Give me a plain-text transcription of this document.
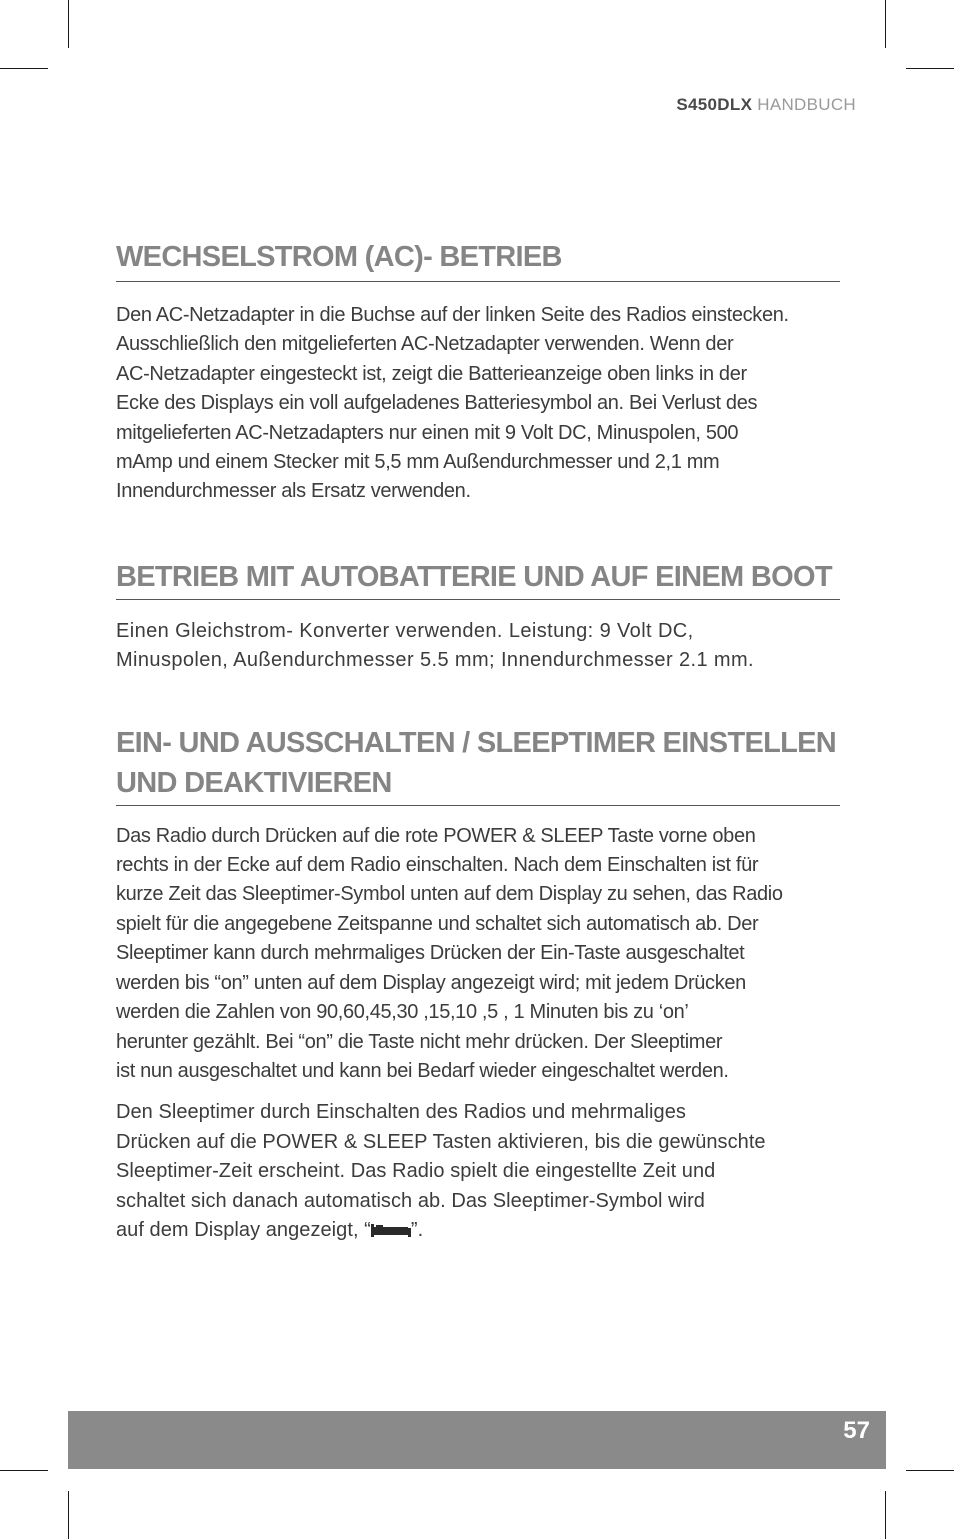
S450DLX HANDBUCH
WECHSELSTROM (AC)- BETRIEB

Den AC-Netzadapter in die Buchse auf der linken Seite des Radios einstecken.
Ausschließlich den mitgelieferten AC-Netzadapter verwenden. Wenn der
AC-Netzadapter eingesteckt ist, zeigt die Batterieanzeige oben links in der
Ecke des Displays ein voll aufgeladenes Batteriesymbol an. Bei Verlust des
mitgelieferten AC-Netzadapters nur einen mit 9 Volt DC, Minuspolen, 500
mAmp und einem Stecker mit 5,5 mm Außendurchmesser und 2,1 mm
Innendurchmesser als Ersatz verwenden.

BETRIEB MIT AUTOBATTERIE UND AUF EINEM BOOT

Einen Gleichstrom- Konverter verwenden. Leistung: 9 Volt DC,
Minuspolen, Außendurchmesser 5.5 mm; Innendurchmesser 2.1 mm.

EIN- UND AUSSCHALTEN / SLEEPTIMER EINSTELLEN
UND DEAKTIVIEREN

Das Radio durch Drücken auf die rote POWER & SLEEP Taste vorne oben
rechts in der Ecke auf dem Radio einschalten. Nach dem Einschalten ist für
kurze Zeit das Sleeptimer-Symbol unten auf dem Display zu sehen, das Radio
spielt für die angegebene Zeitspanne und schaltet sich automatisch ab. Der
Sleeptimer kann durch mehrmaliges Drücken der Ein-Taste ausgeschaltet
werden bis “on” unten auf dem Display angezeigt wird; mit jedem Drücken
werden die Zahlen von 90,60,45,30 ,15,10 ,5 , 1 Minuten bis zu ‘on’
herunter gezählt. Bei “on” die Taste nicht mehr drücken. Der Sleeptimer
ist nun ausgeschaltet und kann bei Bedarf wieder eingeschaltet werden.

Den Sleeptimer durch Einschalten des Radios und mehrmaliges
Drücken auf die POWER & SLEEP Tasten aktivieren, bis die gewünschte
Sleeptimer-Zeit erscheint. Das Radio spielt die eingestellte Zeit und
schaltet sich danach automatisch ab. Das Sleeptimer-Symbol wird
auf dem Display angezeigt, “ ”.

57
